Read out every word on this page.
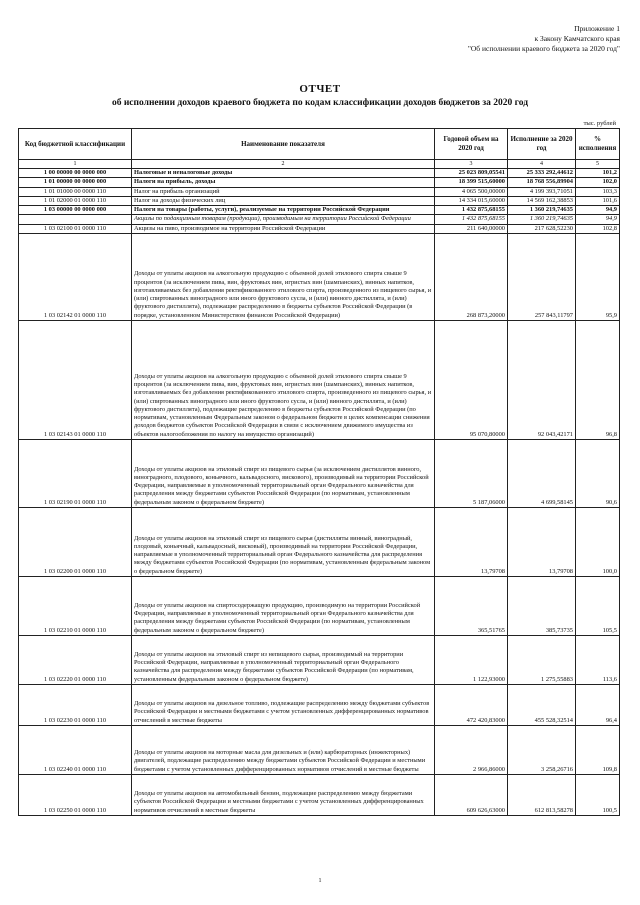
Приложение 1
к Закону Камчатского края
"Об исполнении краевого бюджета за 2020 год"
ОТЧЕТ
об исполнении доходов краевого бюджета по кодам классификации доходов бюджетов за 2020 год
тыс. рублей
Код бюджетной классификации	Наименование показателя	Годовой объем на 2020 год	Исполнение за 2020 год	% исполнения
1	2	3	4	5
1 00 00000 00 0000 000	Налоговые и неналоговые доходы	25 023 809,05541	25 333 292,44612	101,2
1 01 00000 00 0000 000	Налоги на прибыль, доходы	18 399 515,60000	18 768 556,89904	102,0
1 01 01000 00 0000 110	Налог на прибыль организаций	4 065 500,00000	4 199 393,71051	103,3
1 01 02000 01 0000 110	Налог на доходы физических лиц	14 334 015,60000	14 569 162,38853	101,6
1 03 00000 00 0000 000	Налоги на товары (работы, услуги), реализуемые на территории Российской Федерации	1 432 875,68155	1 360 219,74635	94,9
	Акцизы по подакцизным товарам (продукции), производимым на территории Российской Федерации	1 432 875,68155	1 360 219,74635	94,9
1 03 02100 01 0000 110	Акцизы на пиво, производимое на территории Российской Федерации	211 640,00000	217 628,52230	102,8
1 03 02142 01 0000 110	Доходы от уплаты акцизов на алкогольную продукцию с объемной долей этилового спирта свыше 9 процентов (за исключением пива, вин, фруктовых вин, игристых вин (шампанских), винных напитков, изготавливаемых без добавления ректификованного этилового спирта, произведенного из пищевого сырья, и (или) спиртованных виноградного или иного фруктового сусла, и (или) винного дистиллята, и (или) фруктового дистиллята), подлежащие распределению в бюджеты субъектов Российской Федерации (в порядке, установленном Министерством финансов Российской Федерации)	268 873,20000	257 843,11797	95,9
1 03 02143 01 0000 110	Доходы от уплаты акцизов на алкогольную продукцию с объемной долей этилового спирта свыше 9 процентов (за исключением пива, вин, фруктовых вин, игристых вин (шампанских), винных напитков, изготавливаемых без добавления ректификованного этилового спирта, произведенного из пищевого сырья, и (или) спиртованных виноградного или иного фруктового сусла, и (или) винного дистиллята, и (или) фруктового дистиллята), подлежащие распределению в бюджеты субъектов Российской Федерации (по нормативам, установленным Федеральным законом о федеральном бюджете в целях компенсации снижения доходов бюджетов субъектов Российской Федерации в связи с исключением движимого имущества из объектов налогообложения по налогу на имущество организаций)	95 070,80000	92 043,42171	96,8
1 03 02190 01 0000 110	Доходы от уплаты акцизов на этиловый спирт из пищевого сырья (за исключением дистиллятов винного, виноградного, плодового, коньячного, кальвадосного, вискового), производимый на территории Российской Федерации, направляемые в уполномоченный территориальный орган Федерального казначейства для распределения между бюджетами субъектов Российской Федерации (по нормативам, установленным федеральным законом о федеральном бюджете)	5 187,06000	4 699,58145	90,6
1 03 02200 01 0000 110	Доходы от уплаты акцизов на этиловый спирт из пищевого сырья (дистилляты винный, виноградный, плодовый, коньячный, кальвадосный, висковый), производимый на территории Российской Федерации, направляемые в уполномоченный территориальный орган Федерального казначейства для распределения между бюджетами субъектов Российской Федерации (по нормативам, установленным федеральным законом о федеральном бюджете)	13,79708	13,79708	100,0
1 03 02210 01 0000 110	Доходы от уплаты акцизов на спиртосодержащую продукцию, производимую на территории Российской Федерации, направляемые в уполномоченный территориальный орган Федерального казначейства для распределения между бюджетами субъектов Российской Федерации (по нормативам, установленным федеральным законом о федеральном бюджете)	365,51765	385,73735	105,5
1 03 02220 01 0000 110	Доходы от уплаты акцизов на этиловый спирт из непищевого сырья, производимый на территории Российской Федерации, направляемые в уполномоченный территориальный орган Федерального казначейства для распределения между бюджетами субъектов Российской Федерации (по нормативам, установленным федеральным законом о федеральном бюджете)	1 122,93000	1 275,55883	113,6
1 03 02230 01 0000 110	Доходы от уплаты акцизов на дизельное топливо, подлежащие распределению между бюджетами субъектов Российской Федерации и местными бюджетами с учетом установленных дифференцированных нормативов отчислений в местные бюджеты	472 420,83000	455 528,32514	96,4
1 03 02240 01 0000 110	Доходы от уплаты акцизов на моторные масла для дизельных и (или) карбюраторных (инжекторных) двигателей, подлежащие распределению между бюджетами субъектов Российской Федерации и местными бюджетами с учетом установленных дифференцированных нормативов отчислений в местные бюджеты	2 966,86000	3 258,26716	109,8
1 03 02250 01 0000 110	Доходы от уплаты акцизов на автомобильный бензин, подлежащие распределению между бюджетами субъектов Российской Федерации и местными бюджетами с учетом установленных дифференцированных нормативов отчислений в местные бюджеты	609 626,63000	612 813,58278	100,5
1
